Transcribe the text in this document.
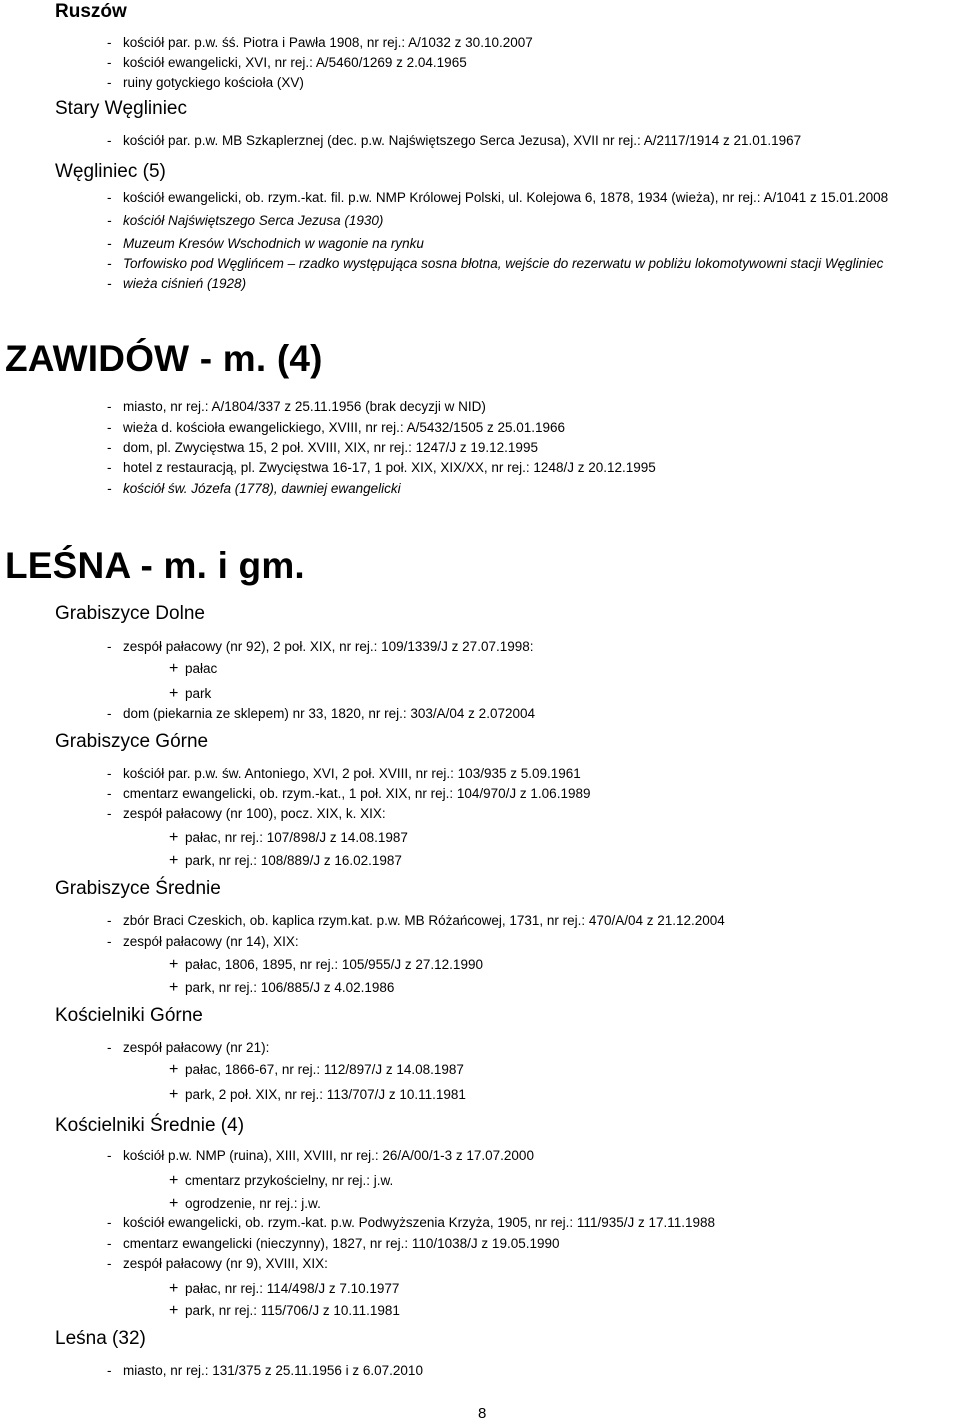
Ruszów
- kościół par. p.w. śś. Piotra i Pawła 1908, nr rej.: A/1032 z 30.10.2007
- kościół ewangelicki, XVI, nr rej.: A/5460/1269 z 2.04.1965
- ruiny gotyckiego kościoła (XV)
Stary Węgliniec
- kościół par. p.w. MB Szkaplerznej (dec. p.w. Najświętszego Serca Jezusa), XVII nr rej.: A/2117/1914 z 21.01.1967
Węgliniec (5)
- kościół ewangelicki, ob. rzym.-kat. fil. p.w. NMP Królowej Polski, ul. Kolejowa 6, 1878, 1934 (wieża), nr rej.: A/1041 z 15.01.2008
- kościół Najświętszego Serca Jezusa (1930)
- Muzeum Kresów Wschodnich w wagonie na rynku
- Torfowisko pod Węglińcem – rzadko występująca sosna błotna, wejście do rezerwatu w pobliżu lokomotywowni stacji Węgliniec
- wieża ciśnień (1928)
ZAWIDÓW - m. (4)
- miasto, nr rej.: A/1804/337 z 25.11.1956 (brak decyzji w NID)
- wieża d. kościoła ewangelickiego, XVIII, nr rej.: A/5432/1505 z 25.01.1966
- dom, pl. Zwycięstwa 15, 2 poł. XVIII, XIX, nr rej.: 1247/J z 19.12.1995
- hotel z restauracją, pl. Zwycięstwa 16-17, 1 poł. XIX, XIX/XX, nr rej.: 1248/J z 20.12.1995
- kościół św. Józefa (1778), dawniej ewangelicki
LEŚNA - m. i gm.
Grabiszyce Dolne
- zespół pałacowy (nr 92), 2 poł. XIX, nr rej.: 109/1339/J z 27.07.1998:
+ pałac
+ park
- dom (piekarnia ze sklepem) nr 33, 1820, nr rej.: 303/A/04 z 2.072004
Grabiszyce Górne
- kościół par. p.w. św. Antoniego, XVI, 2 poł. XVIII, nr rej.: 103/935 z 5.09.1961
- cmentarz ewangelicki, ob. rzym.-kat., 1 poł. XIX, nr rej.: 104/970/J z 1.06.1989
- zespół pałacowy (nr 100), pocz. XIX, k. XIX:
+ pałac, nr rej.: 107/898/J z 14.08.1987
+ park, nr rej.: 108/889/J z 16.02.1987
Grabiszyce Średnie
- zbór Braci Czeskich, ob. kaplica rzym.kat. p.w. MB Różańcowej, 1731, nr rej.: 470/A/04 z 21.12.2004
- zespół pałacowy (nr 14), XIX:
+ pałac, 1806, 1895, nr rej.: 105/955/J z 27.12.1990
+ park, nr rej.: 106/885/J z 4.02.1986
Kościelniki Górne
- zespół pałacowy (nr 21):
+ pałac, 1866-67, nr rej.: 112/897/J z 14.08.1987
+ park, 2 poł. XIX, nr rej.: 113/707/J z 10.11.1981
Kościelniki Średnie (4)
- kościół p.w. NMP (ruina), XIII, XVIII, nr rej.: 26/A/00/1-3 z 17.07.2000
+ cmentarz przykościelny, nr rej.: j.w.
+ ogrodzenie, nr rej.: j.w.
- kościół ewangelicki, ob. rzym.-kat. p.w. Podwyższenia Krzyża, 1905, nr rej.: 111/935/J z 17.11.1988
- cmentarz ewangelicki (nieczynny), 1827, nr rej.: 110/1038/J z 19.05.1990
- zespół pałacowy (nr 9), XVIII, XIX:
+ pałac, nr rej.: 114/498/J z 7.10.1977
+ park, nr rej.: 115/706/J z 10.11.1981
Leśna (32)
- miasto, nr rej.: 131/375 z 25.11.1956 i z 6.07.2010
8
